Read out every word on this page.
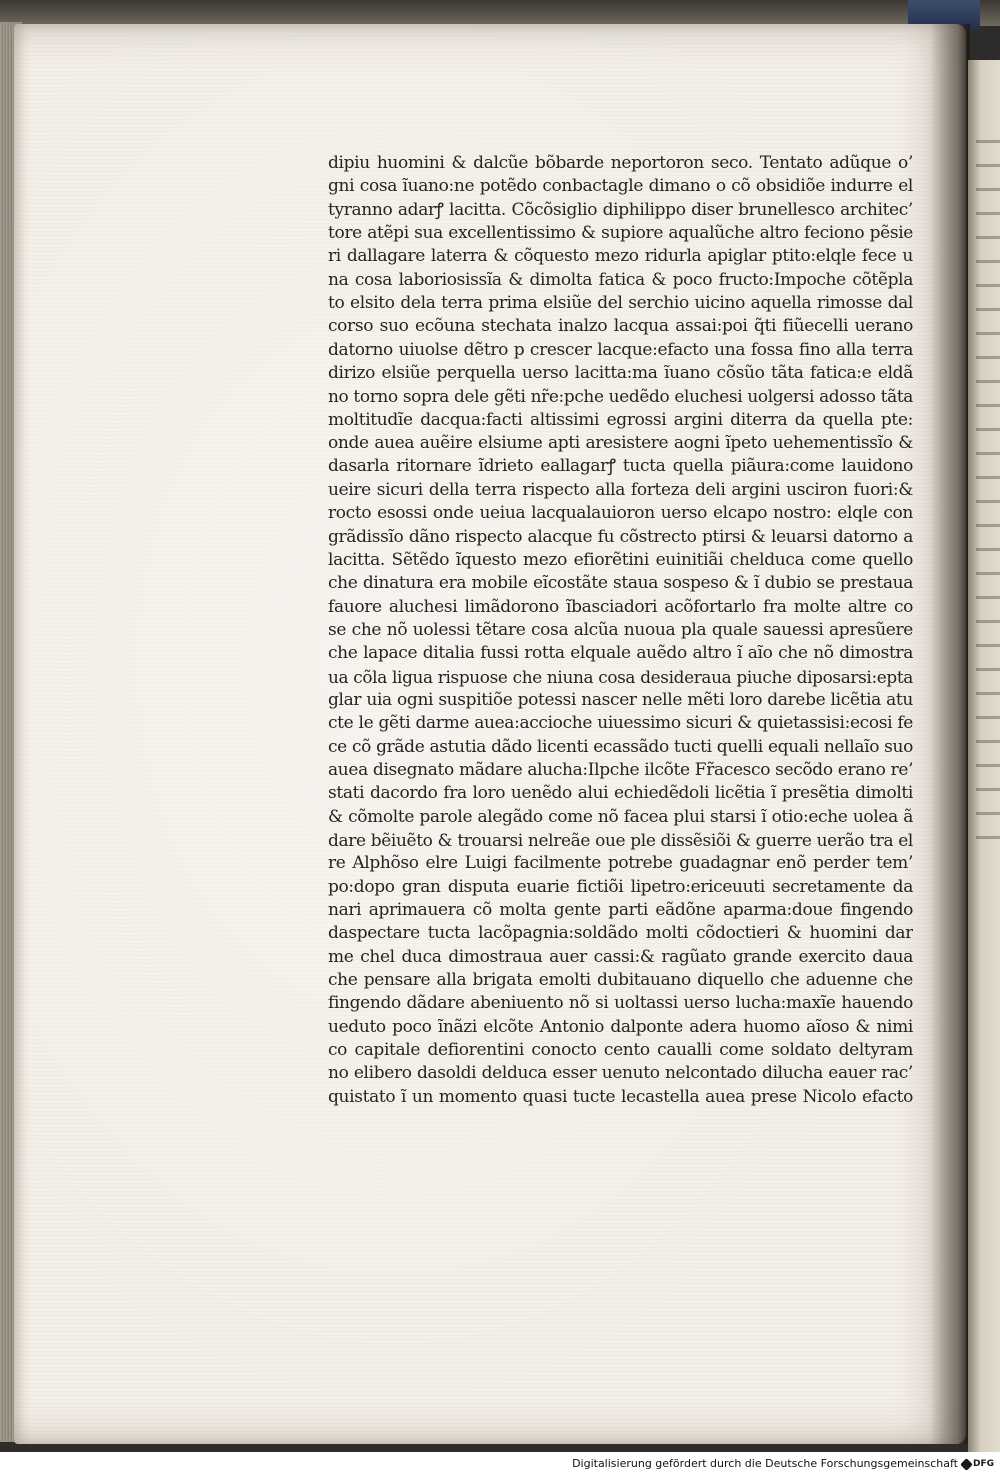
dipiu huomini & dalcũe bõbarde neportoron seco. Tentato adũque o’
gni cosa ĩuano:ne potẽdo conbactagle dimano o cõ obsidiõe indurre el
tyranno adarꝭ lacitta. Cõcõsiglio diphilippo diser brunellesco architec’
tore atẽpi sua excellentissimo & supiore aqualũche altro feciono pẽsie
ri dallagare laterra & cõquesto mezo ridurla apiglar ptito:elqle fece u
na cosa laboriosissĩa & dimolta fatica & poco fructo:Impoche cõtẽpla
to elsito dela terra prima elsiũe del serchio uicino aquella rimosse dal
corso suo ecõuna stechata inalzo lacqua assai:poi q̃ti fiũecelli uerano
datorno uiuolse dẽtro p crescer lacque:efacto una fossa fino alla terra
dirizo elsiũe perquella uerso lacitta:ma ĩuano cõsũo tãta fatica:e eldã
no torno sopra dele gẽti nr̃e:pche uedẽdo eluchesi uolgersi adosso tãta
moltitudĩe dacqua:facti altissimi egrossi argini diterra da quella pte:
onde auea auẽire elsiume apti aresistere aogni ĩpeto uehementissĩo &
dasarla ritornare ĩdrieto eallagarꝭ tucta quella piãura:come lauidono
ueire sicuri della terra rispecto alla forteza deli argini usciron fuori:&
rocto esossi onde ueiua lacqualauioron uerso elcapo nostro: elqle con
grãdissĩo dãno rispecto alacque fu cõstrecto ptirsi & leuarsi datorno a
lacitta. Sẽtẽdo ĩquesto mezo efiorẽtini euinitiãi chelduca come quello
che dinatura era mobile eĩcostãte staua sospeso & ĩ dubio se prestaua
fauore aluchesi limãdorono ĩbasciadori acõfortarlo fra molte altre co
se che nõ uolessi tẽtare cosa alcũa nuoua pla quale sauessi apresũere
che lapace ditalia fussi rotta elquale auẽdo altro ĩ aĩo che nõ dimostra
ua cõla ligua rispuose che niuna cosa desideraua piuche diposarsi:epta
glar uia ogni suspitiõe potessi nascer nelle mẽti loro darebe licẽtia atu
cte le gẽti darme auea:accioche uiuessimo sicuri & quietassisi:ecosi fe
ce cõ grãde astutia dãdo licenti ecassãdo tucti quelli equali nellaĩo suo
auea disegnato mãdare alucha:Ilpche ilcõte Fr̃acesco secõdo erano re’
stati dacordo fra loro uenẽdo alui echiedẽdoli licẽtia ĩ presẽtia dimolti
& cõmolte parole alegãdo come nõ facea plui starsi ĩ otio:eche uolea ã
dare bẽiuẽto & trouarsi nelreãe oue ple dissẽsiõi & guerre uerão tra el
re Alphõso elre Luigi facilmente potrebe guadagnar enõ perder tem’
po:dopo gran disputa euarie fictiõi lipetro:ericeuuti secretamente da
nari aprimauera cõ molta gente parti eãdõne aparma:doue fingendo
daspectare tucta lacõpagnia:soldãdo molti cõdoctieri & huomini dar
me chel duca dimostraua auer cassi:& ragũato grande exercito daua
che pensare alla brigata emolti dubitauano diquello che aduenne che
fingendo dãdare abeniuento nõ si uoltassi uerso lucha:maxĩe hauendo
ueduto poco ĩnãzi elcõte Antonio dalponte adera huomo aĩoso & nimi
co capitale defiorentini conocto cento caualli come soldato deltyram
no elibero dasoldi delduca esser uenuto nelcontado dilucha eauer rac’
quistato ĩ un momento quasi tucte lecastella auea prese Nicolo efacto
Digitalisierung gefördert durch die Deutsche Forschungsgemeinschaft DFG
